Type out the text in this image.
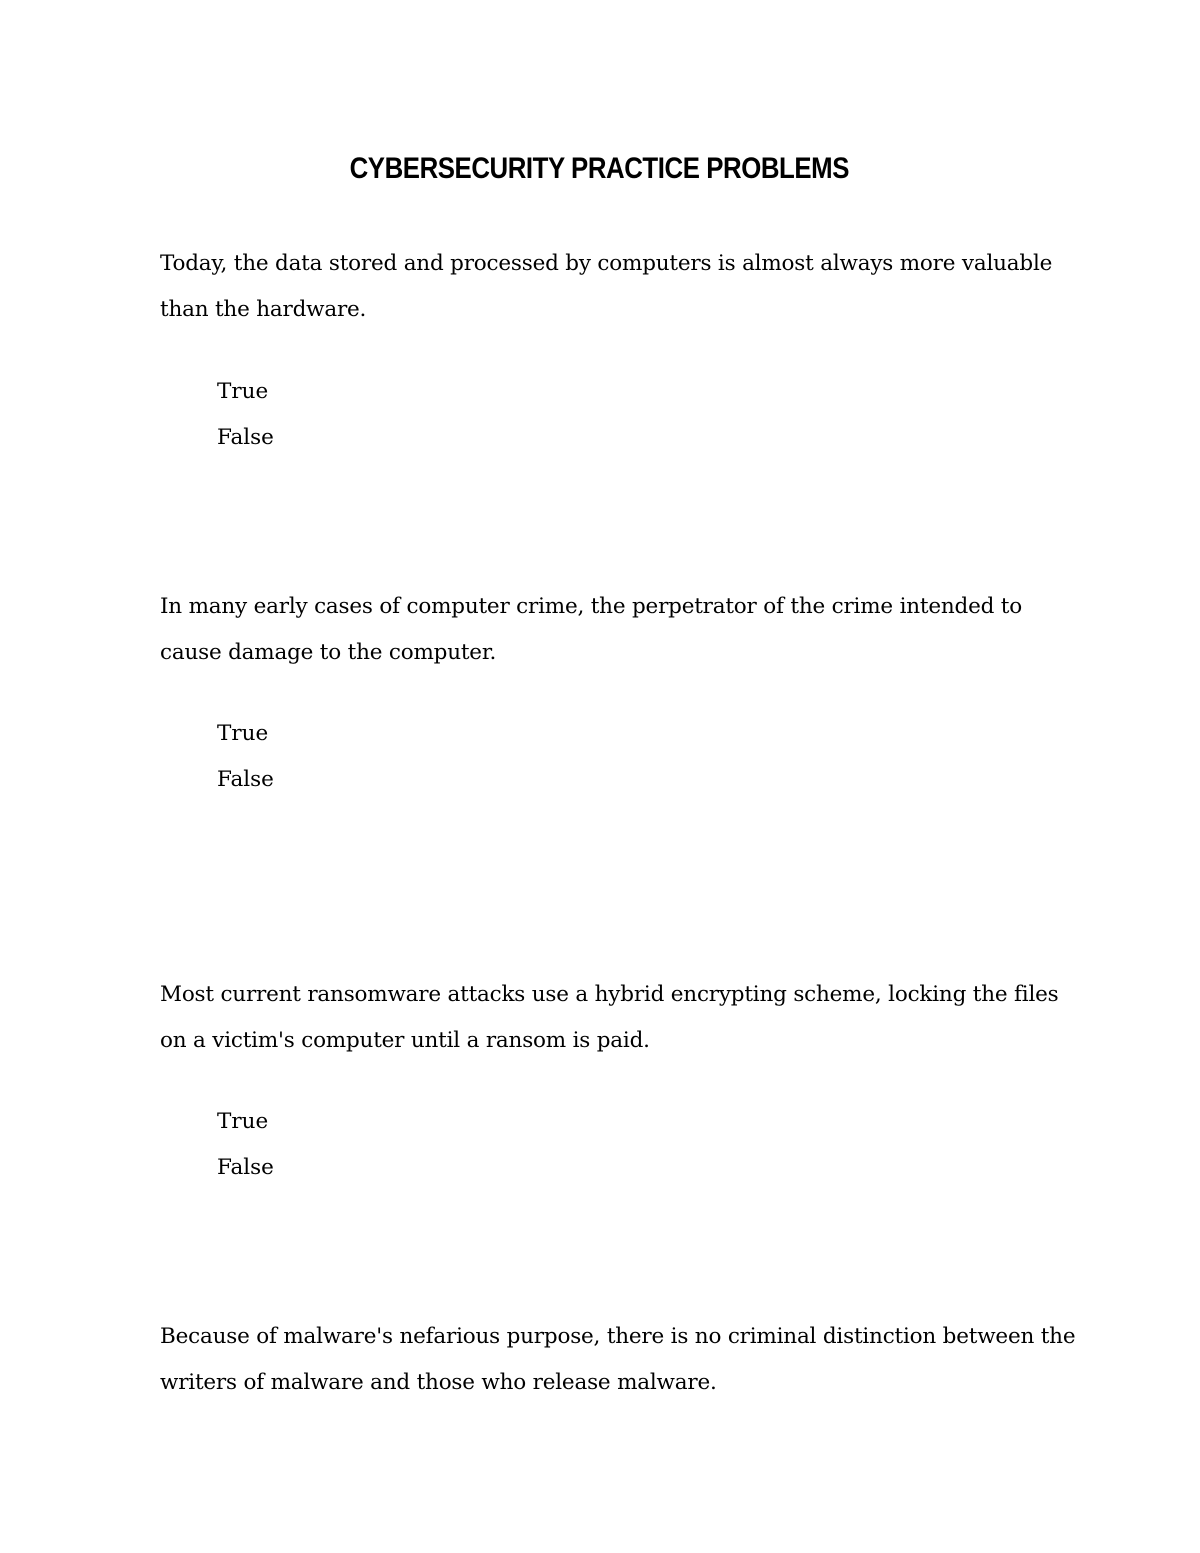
CYBERSECURITY PRACTICE PROBLEMS

Today, the data stored and processed by computers is almost always more valuable than the hardware.

True
False

In many early cases of computer crime, the perpetrator of the crime intended to cause damage to the computer.

True
False

Most current ransomware attacks use a hybrid encrypting scheme, locking the files on a victim's computer until a ransom is paid.

True
False

Because of malware's nefarious purpose, there is no criminal distinction between the writers of malware and those who release malware.
